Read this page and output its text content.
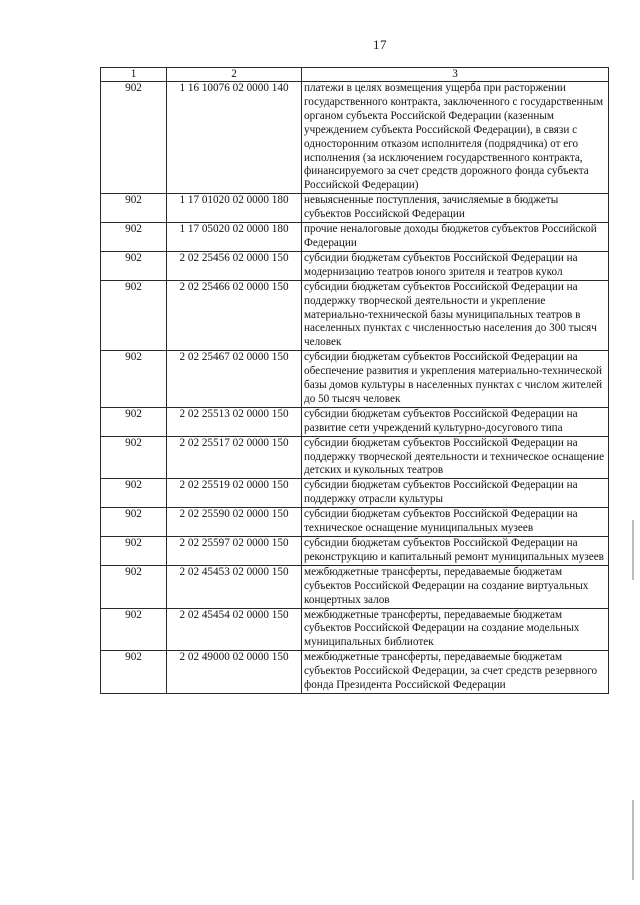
17
1	2	3
902	1 16 10076 02 0000 140	платежи в целях возмещения ущерба при расторжении государственного контракта, заключенного с государственным органом субъекта Российской Федерации (казенным учреждением субъекта Российской Федерации), в связи с односторонним отказом исполнителя (подрядчика) от его исполнения (за исключением государственного контракта, финансируемого за счет средств дорожного фонда субъекта Российской Федерации)
902	1 17 01020 02 0000 180	невыясненные поступления, зачисляемые в бюджеты субъектов Российской Федерации
902	1 17 05020 02 0000 180	прочие неналоговые доходы бюджетов субъектов Российской Федерации
902	2 02 25456 02 0000 150	субсидии бюджетам субъектов Российской Федерации на модернизацию театров юного зрителя и театров кукол
902	2 02 25466 02 0000 150	субсидии бюджетам субъектов Российской Федерации на поддержку творческой деятельности и укрепление материально-технической базы муниципальных театров в населенных пунктах с численностью населения до 300 тысяч человек
902	2 02 25467 02 0000 150	субсидии бюджетам субъектов Российской Федерации на обеспечение развития и укрепления материально-технической базы домов культуры в населенных пунктах с числом жителей до 50 тысяч человек
902	2 02 25513 02 0000 150	субсидии бюджетам субъектов Российской Федерации на развитие сети учреждений культурно-досугового типа
902	2 02 25517 02 0000 150	субсидии бюджетам субъектов Российской Федерации на поддержку творческой деятельности и техническое оснащение детских и кукольных театров
902	2 02 25519 02 0000 150	субсидии бюджетам субъектов Российской Федерации на поддержку отрасли культуры
902	2 02 25590 02 0000 150	субсидии бюджетам субъектов Российской Федерации на техническое оснащение муниципальных музеев
902	2 02 25597 02 0000 150	субсидии бюджетам субъектов Российской Федерации на реконструкцию и капитальный ремонт муниципальных музеев
902	2 02 45453 02 0000 150	межбюджетные трансферты, передаваемые бюджетам субъектов Российской Федерации на создание виртуальных концертных залов
902	2 02 45454 02 0000 150	межбюджетные трансферты, передаваемые бюджетам субъектов Российской Федерации на создание модельных муниципальных библиотек
902	2 02 49000 02 0000 150	межбюджетные трансферты, передаваемые бюджетам субъектов Российской Федерации, за счет средств резервного фонда Президента Российской Федерации
